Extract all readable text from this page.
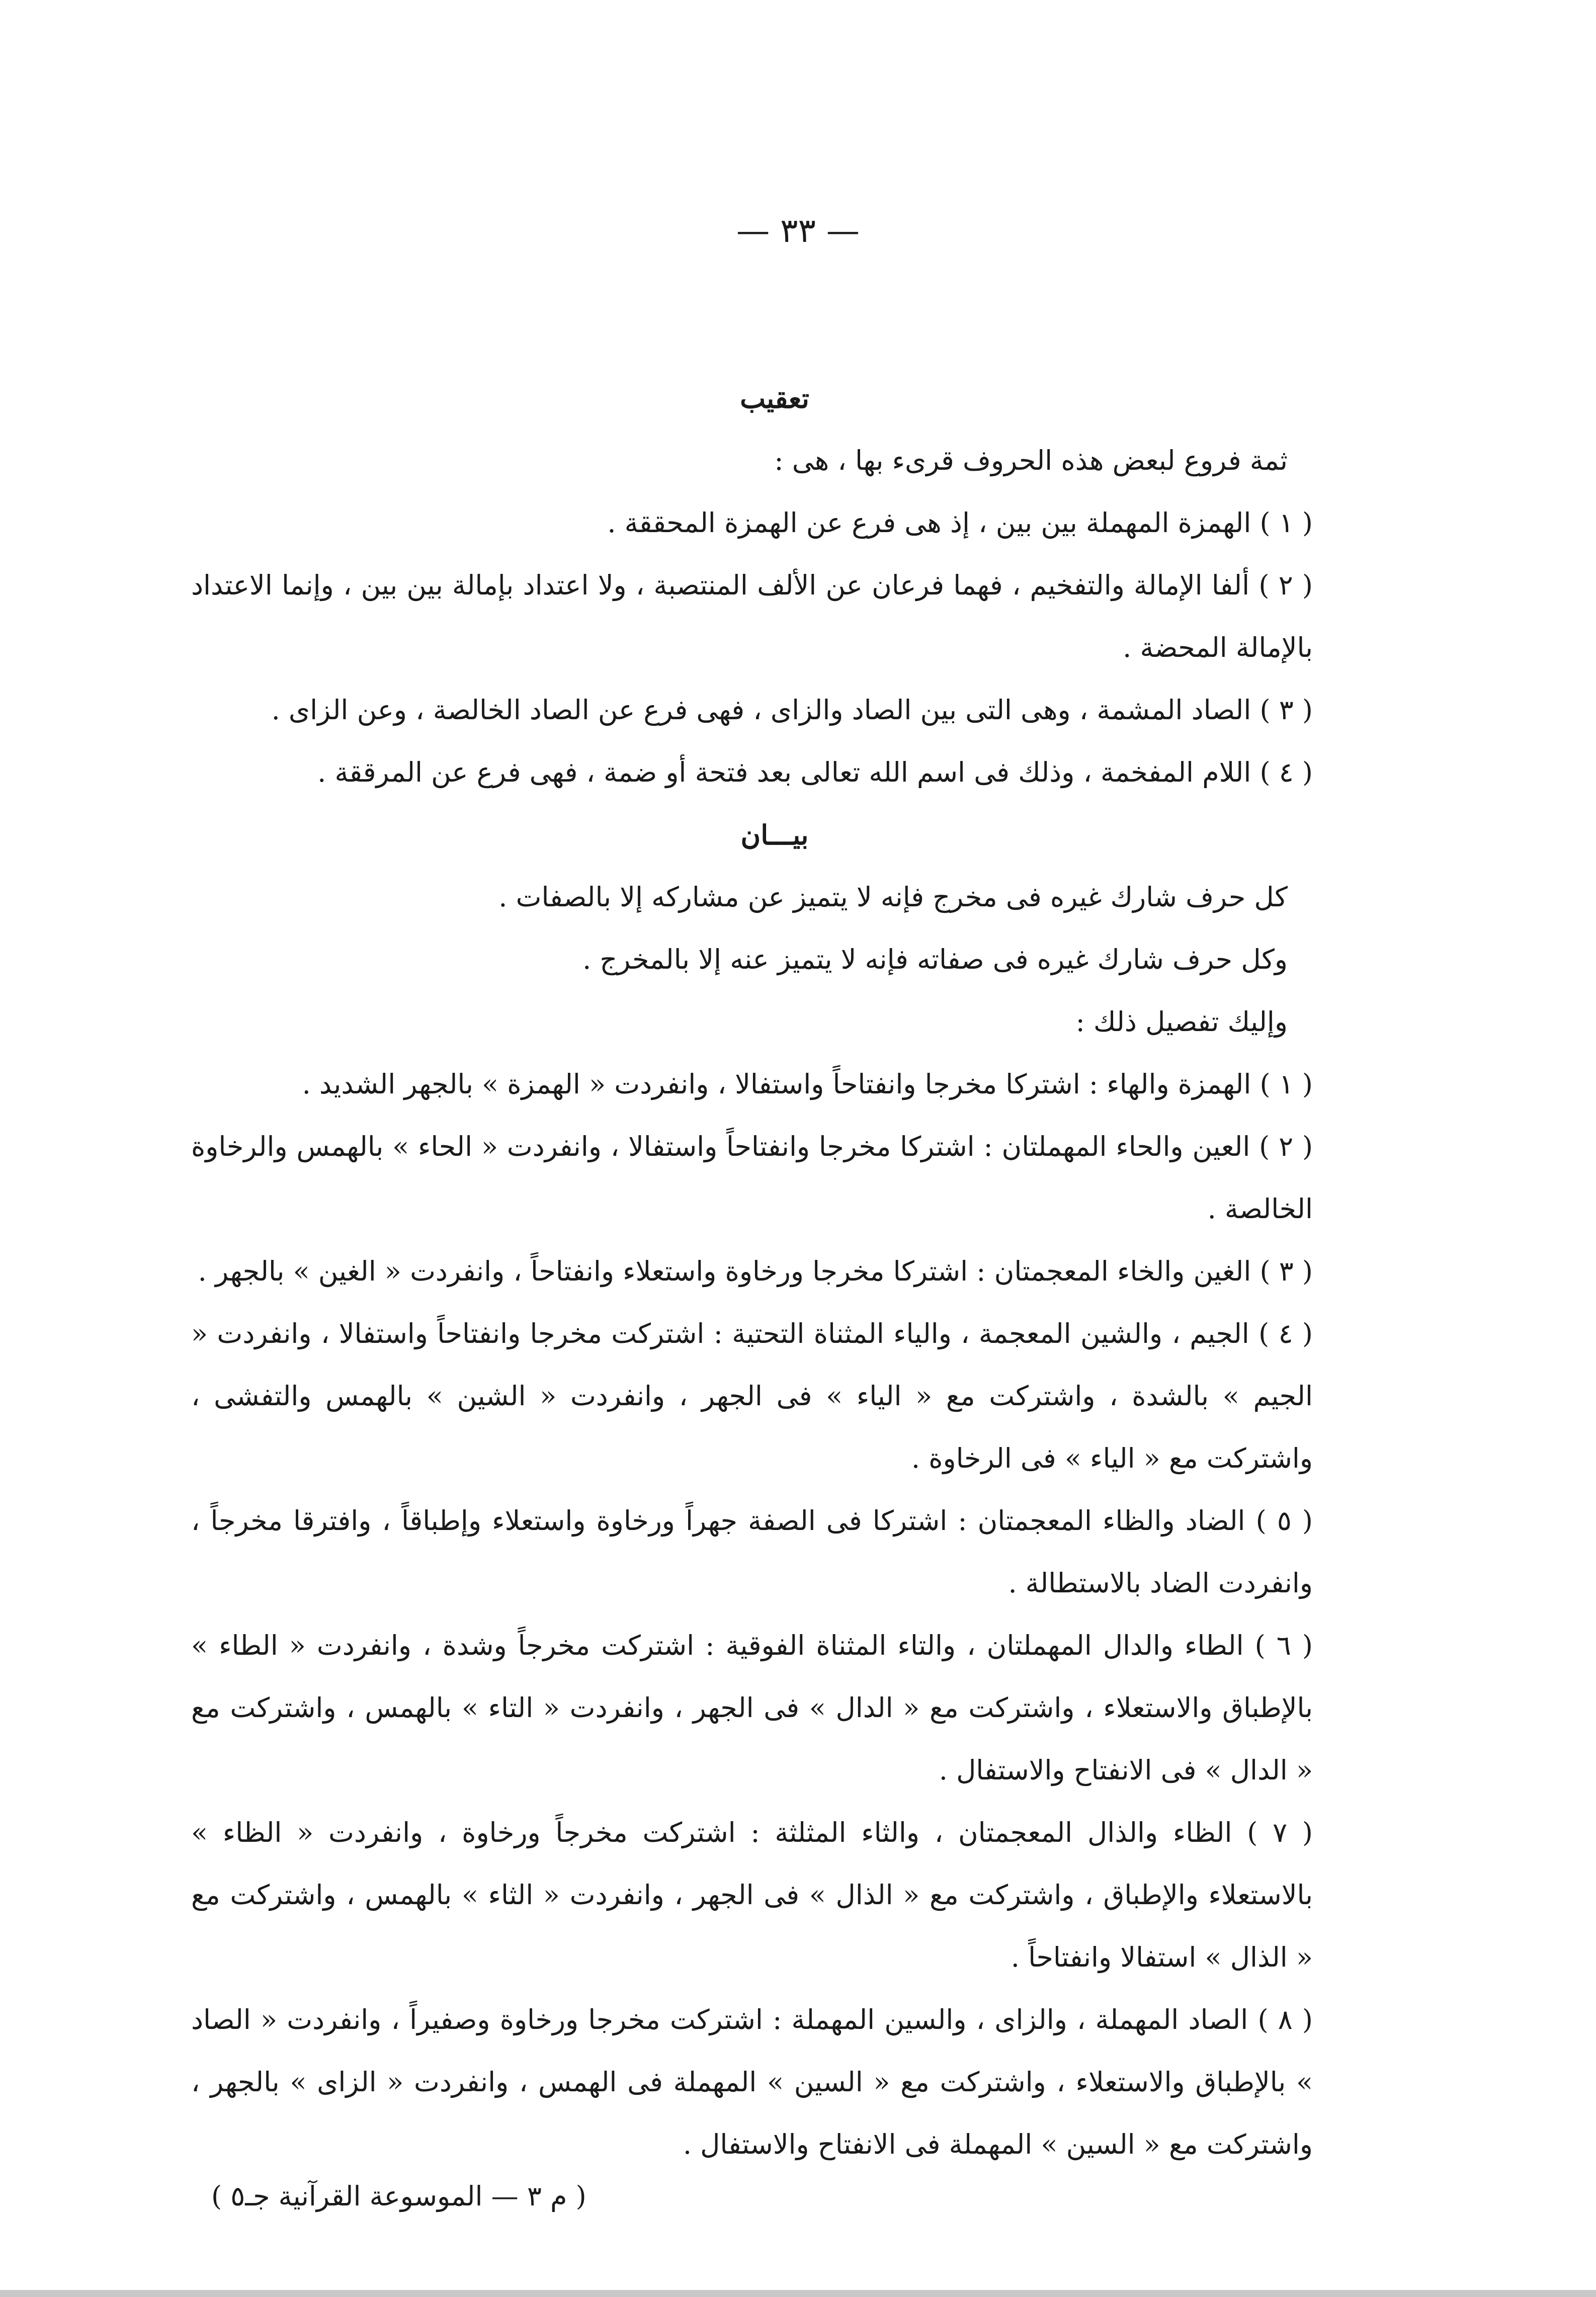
— ٣٣ —

تعقيب

ثمة فروع لبعض هذه الحروف قرىء بها ، هى :

( ١ ) الهمزة المهملة بين بين ، إذ هى فرع عن الهمزة المحققة .

( ٢ ) ألفا الإمالة والتفخيم ، فهما فرعان عن الألف المنتصبة ، ولا اعتداد بإمالة بين بين ، وإنما الاعتداد بالإمالة المحضة .

( ٣ ) الصاد المشمة ، وهى التى بين الصاد والزاى ، فهى فرع عن الصاد الخالصة ، وعن الزاى .

( ٤ ) اللام المفخمة ، وذلك فى اسم الله تعالى بعد فتحة أو ضمة ، فهى فرع عن المرققة .

بيـــان

كل حرف شارك غيره فى مخرج فإنه لا يتميز عن مشاركه إلا بالصفات .

وكل حرف شارك غيره فى صفاته فإنه لا يتميز عنه إلا بالمخرج .

وإليك تفصيل ذلك :

( ١ ) الهمزة والهاء : اشتركا مخرجا وانفتاحاً واستفالا ، وانفردت « الهمزة » بالجهر الشديد .

( ٢ ) العين والحاء المهملتان : اشتركا مخرجا وانفتاحاً واستفالا ، وانفردت « الحاء » بالهمس والرخاوة الخالصة .

( ٣ ) الغين والخاء المعجمتان : اشتركا مخرجا ورخاوة واستعلاء وانفتاحاً ، وانفردت « الغين » بالجهر .

( ٤ ) الجيم ، والشين المعجمة ، والياء المثناة التحتية : اشتركت مخرجا وانفتاحاً واستفالا ، وانفردت « الجيم » بالشدة ، واشتركت مع « الياء » فى الجهر ، وانفردت « الشين » بالهمس والتفشى ، واشتركت مع « الياء » فى الرخاوة .

( ٥ ) الضاد والظاء المعجمتان : اشتركا فى الصفة جهراً ورخاوة واستعلاء وإطباقاً ، وافترقا مخرجاً ، وانفردت الضاد بالاستطالة .

( ٦ ) الطاء والدال المهملتان ، والتاء المثناة الفوقية : اشتركت مخرجاً وشدة ، وانفردت « الطاء » بالإطباق والاستعلاء ، واشتركت مع « الدال » فى الجهر ، وانفردت « التاء » بالهمس ، واشتركت مع « الدال » فى الانفتاح والاستفال .

( ٧ ) الظاء والذال المعجمتان ، والثاء المثلثة : اشتركت مخرجاً ورخاوة ، وانفردت « الظاء » بالاستعلاء والإطباق ، واشتركت مع « الذال » فى الجهر ، وانفردت « الثاء » بالهمس ، واشتركت مع « الذال » استفالا وانفتاحاً .

( ٨ ) الصاد المهملة ، والزاى ، والسين المهملة : اشتركت مخرجا ورخاوة وصفيراً ، وانفردت « الصاد » بالإطباق والاستعلاء ، واشتركت مع « السين » المهملة فى الهمس ، وانفردت « الزاى » بالجهر ، واشتركت مع « السين » المهملة فى الانفتاح والاستفال .

( م ٣ — الموسوعة القرآنية جـ٥ )
